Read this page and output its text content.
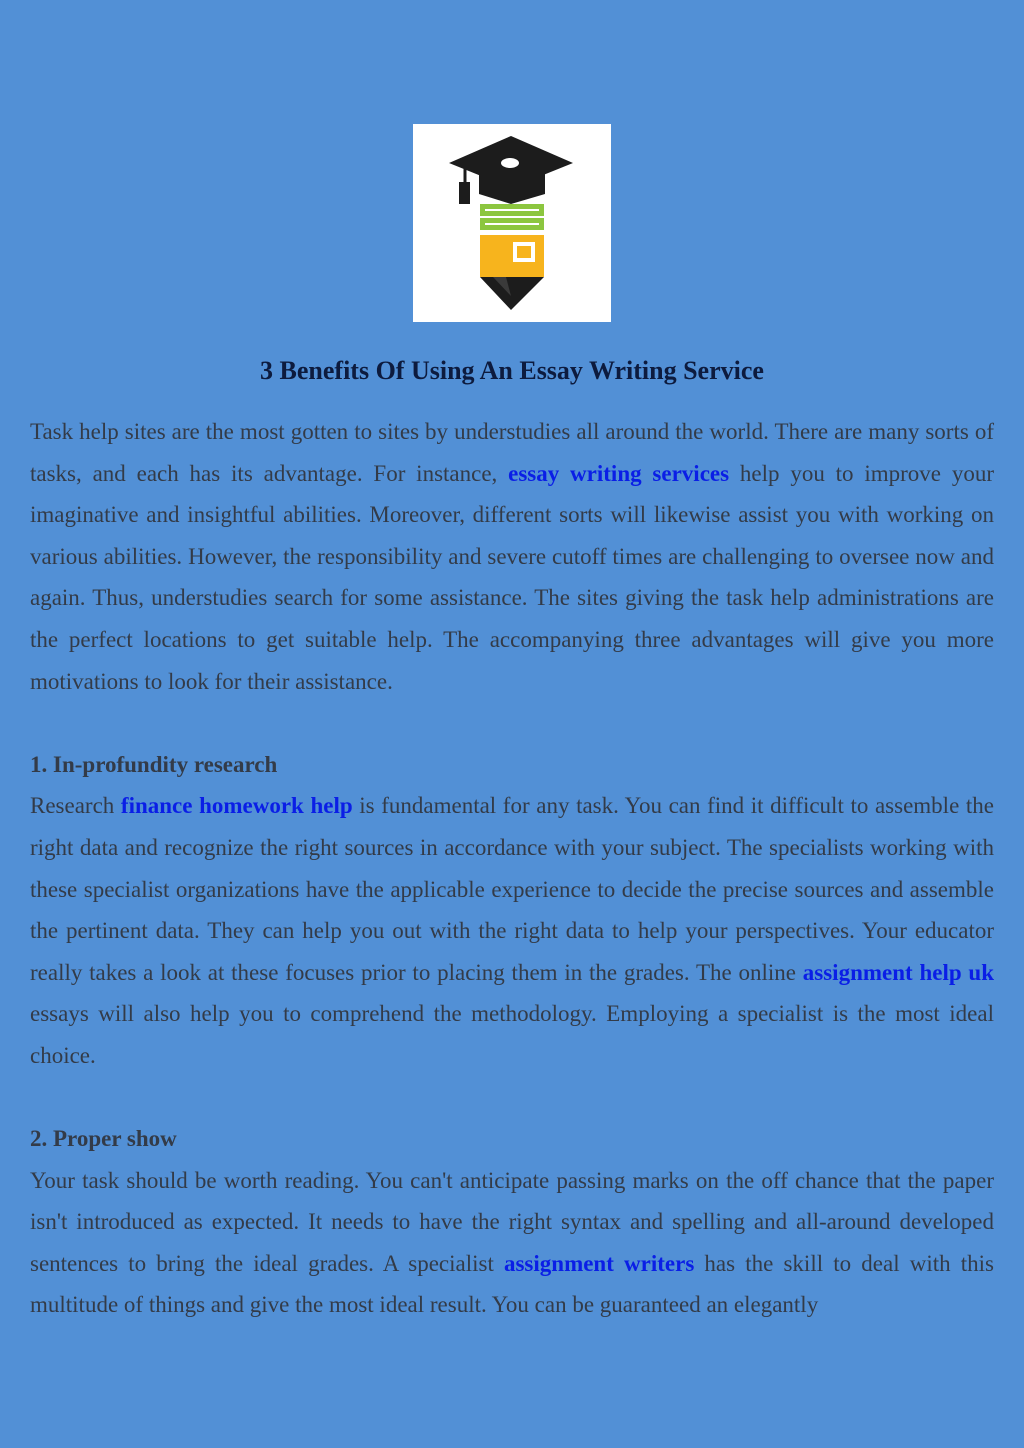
3 Benefits Of Using An Essay Writing Service

Task help sites are the most gotten to sites by understudies all around the world. There are many sorts of tasks, and each has its advantage. For instance, essay writing services help you to improve your imaginative and insightful abilities. Moreover, different sorts will likewise assist you with working on various abilities. However, the responsibility and severe cutoff times are challenging to oversee now and again. Thus, understudies search for some assistance. The sites giving the task help administrations are the perfect locations to get suitable help. The accompanying three advantages will give you more motivations to look for their assistance.

1. In-profundity research

Research finance homework help is fundamental for any task. You can find it difficult to assemble the right data and recognize the right sources in accordance with your subject. The specialists working with these specialist organizations have the applicable experience to decide the precise sources and assemble the pertinent data. They can help you out with the right data to help your perspectives. Your educator really takes a look at these focuses prior to placing them in the grades. The online assignment help uk essays will also help you to comprehend the methodology. Employing a specialist is the most ideal choice.

2. Proper show

Your task should be worth reading. You can't anticipate passing marks on the off chance that the paper isn't introduced as expected. It needs to have the right syntax and spelling and all-around developed sentences to bring the ideal grades. A specialist assignment writers has the skill to deal with this multitude of things and give the most ideal result. You can be guaranteed an elegantly
